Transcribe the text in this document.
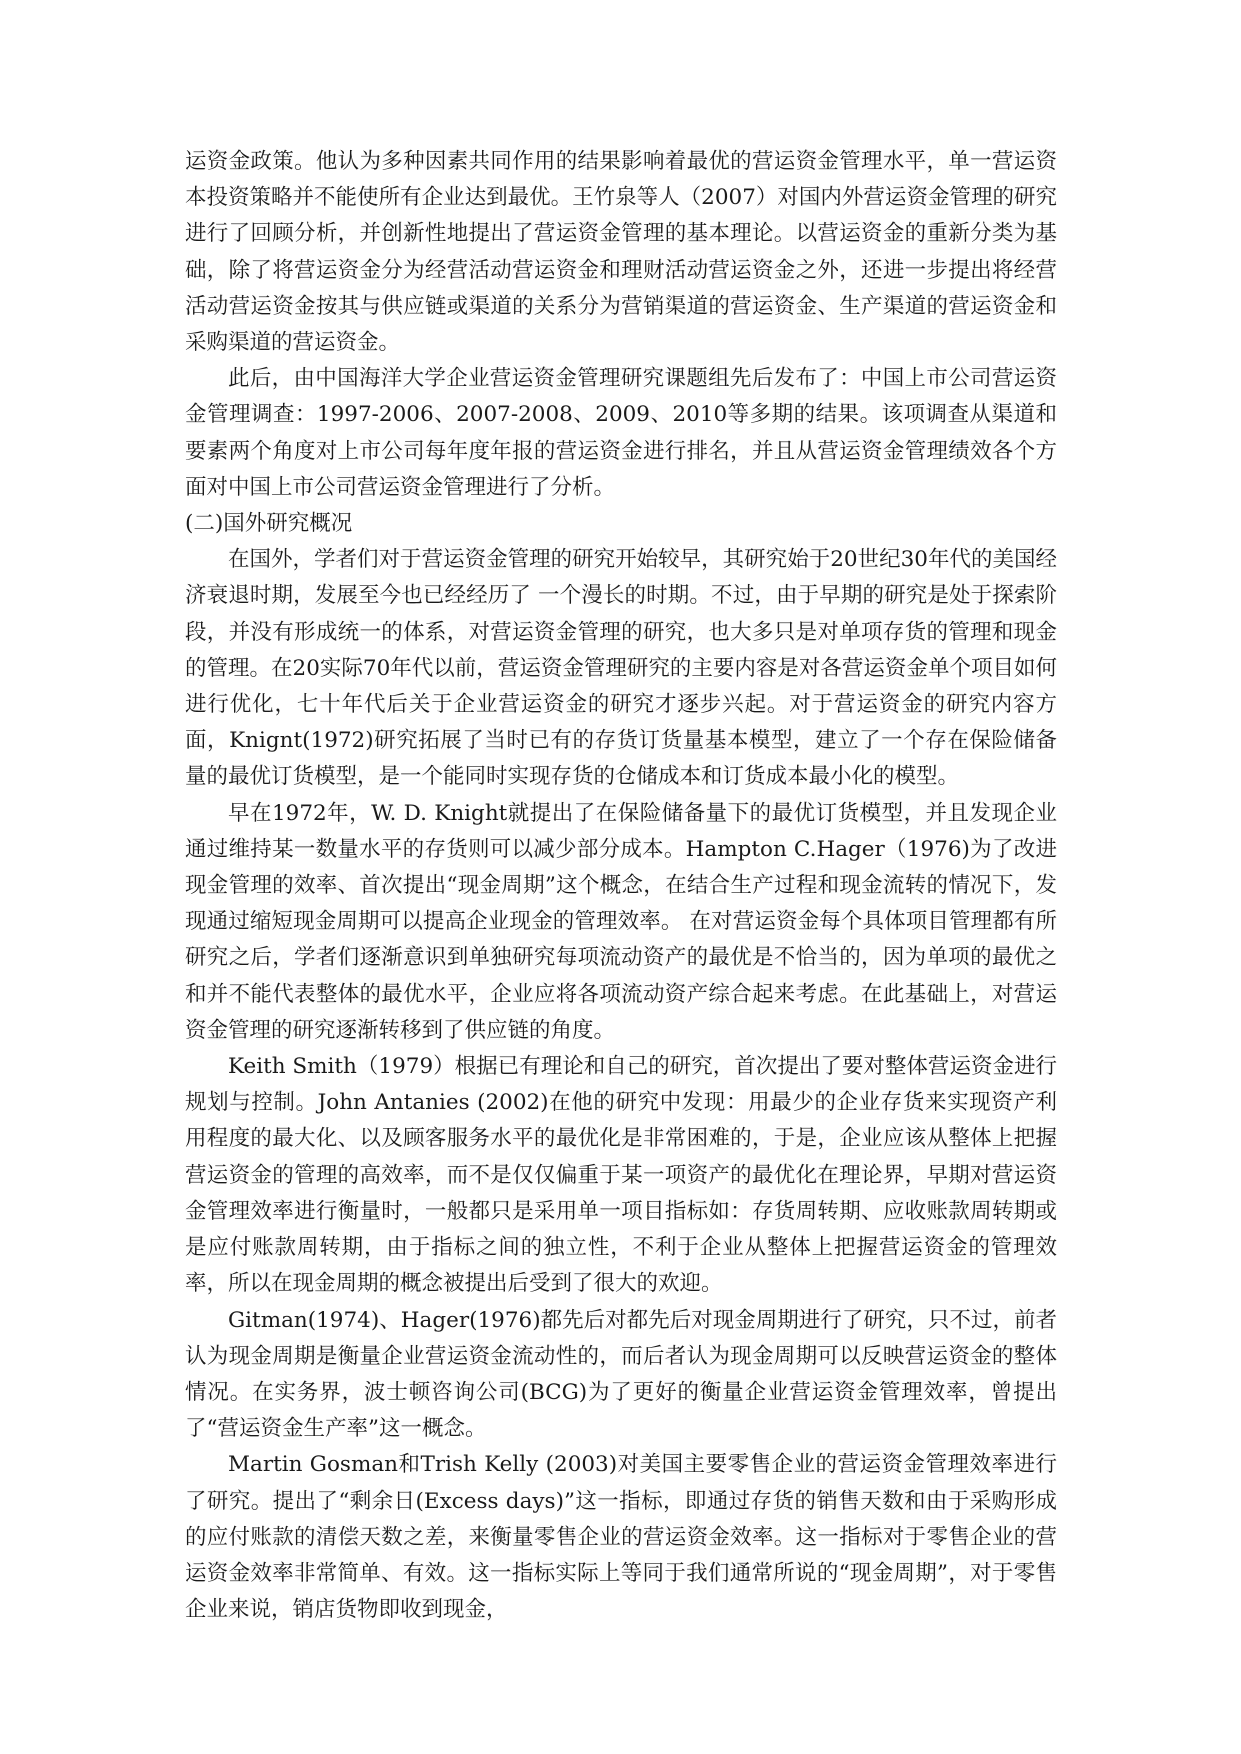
运资金政策。他认为多种因素共同作用的结果影响着最优的营运资金管理水平，单一营运资本投资策略并不能使所有企业达到最优。王竹泉等人（2007）对国内外营运资金管理的研究进行了回顾分析，并创新性地提出了营运资金管理的基本理论。以营运资金的重新分类为基础，除了将营运资金分为经营活动营运资金和理财活动营运资金之外，还进一步提出将经营活动营运资金按其与供应链或渠道的关系分为营销渠道的营运资金、生产渠道的营运资金和采购渠道的营运资金。

此后，由中国海洋大学企业营运资金管理研究课题组先后发布了：中国上市公司营运资金管理调查：1997-2006、2007-2008、2009、2010等多期的结果。该项调查从渠道和要素两个角度对上市公司每年度年报的营运资金进行排名，并且从营运资金管理绩效各个方面对中国上市公司营运资金管理进行了分析。

(二)国外研究概况

在国外，学者们对于营运资金管理的研究开始较早，其研究始于20世纪30年代的美国经济衰退时期，发展至今也已经经历了 一个漫长的时期。不过，由于早期的研究是处于探索阶段，并没有形成统一的体系，对营运资金管理的研究，也大多只是对单项存货的管理和现金的管理。在20实际70年代以前，营运资金管理研究的主要内容是对各营运资金单个项目如何进行优化，七十年代后关于企业营运资金的研究才逐步兴起。对于营运资金的研究内容方面，Knignt(1972)研究拓展了当时已有的存货订货量基本模型，建立了一个存在保险储备量的最优订货模型，是一个能同时实现存货的仓储成本和订货成本最小化的模型。

早在1972年，W. D. Knight就提出了在保险储备量下的最优订货模型，并且发现企业通过维持某一数量水平的存货则可以减少部分成本。Hampton C.Hager（1976)为了改进现金管理的效率、首次提出“现金周期”这个概念，在结合生产过程和现金流转的情况下，发现通过缩短现金周期可以提高企业现金的管理效率。 在对营运资金每个具体项目管理都有所研究之后，学者们逐渐意识到单独研究每项流动资产的最优是不恰当的，因为单项的最优之和并不能代表整体的最优水平，企业应将各项流动资产综合起来考虑。在此基础上，对营运资金管理的研究逐渐转移到了供应链的角度。

Keith Smith（1979）根据已有理论和自己的研究，首次提出了要对整体营运资金进行规划与控制。John Antanies (2002)在他的研究中发现：用最少的企业存货来实现资产利用程度的最大化、以及顾客服务水平的最优化是非常困难的，于是，企业应该从整体上把握营运资金的管理的高效率，而不是仅仅偏重于某一项资产的最优化在理论界，早期对营运资金管理效率进行衡量时，一般都只是采用单一项目指标如：存货周转期、应收账款周转期或是应付账款周转期，由于指标之间的独立性，不利于企业从整体上把握营运资金的管理效率，所以在现金周期的概念被提出后受到了很大的欢迎。

Gitman(1974)、Hager(1976)都先后对都先后对现金周期进行了研究，只不过，前者认为现金周期是衡量企业营运资金流动性的，而后者认为现金周期可以反映营运资金的整体情况。在实务界，波士顿咨询公司(BCG)为了更好的衡量企业营运资金管理效率，曾提出了“营运资金生产率”这一概念。

Martin Gosman和Trish Kelly (2003)对美国主要零售企业的营运资金管理效率进行了研究。提出了“剩余日(Excess days)”这一指标，即通过存货的销售天数和由于采购形成的应付账款的清偿天数之差，来衡量零售企业的营运资金效率。这一指标对于零售企业的营运资金效率非常简单、有效。这一指标实际上等同于我们通常所说的“现金周期”，对于零售企业来说，销店货物即收到现金，
